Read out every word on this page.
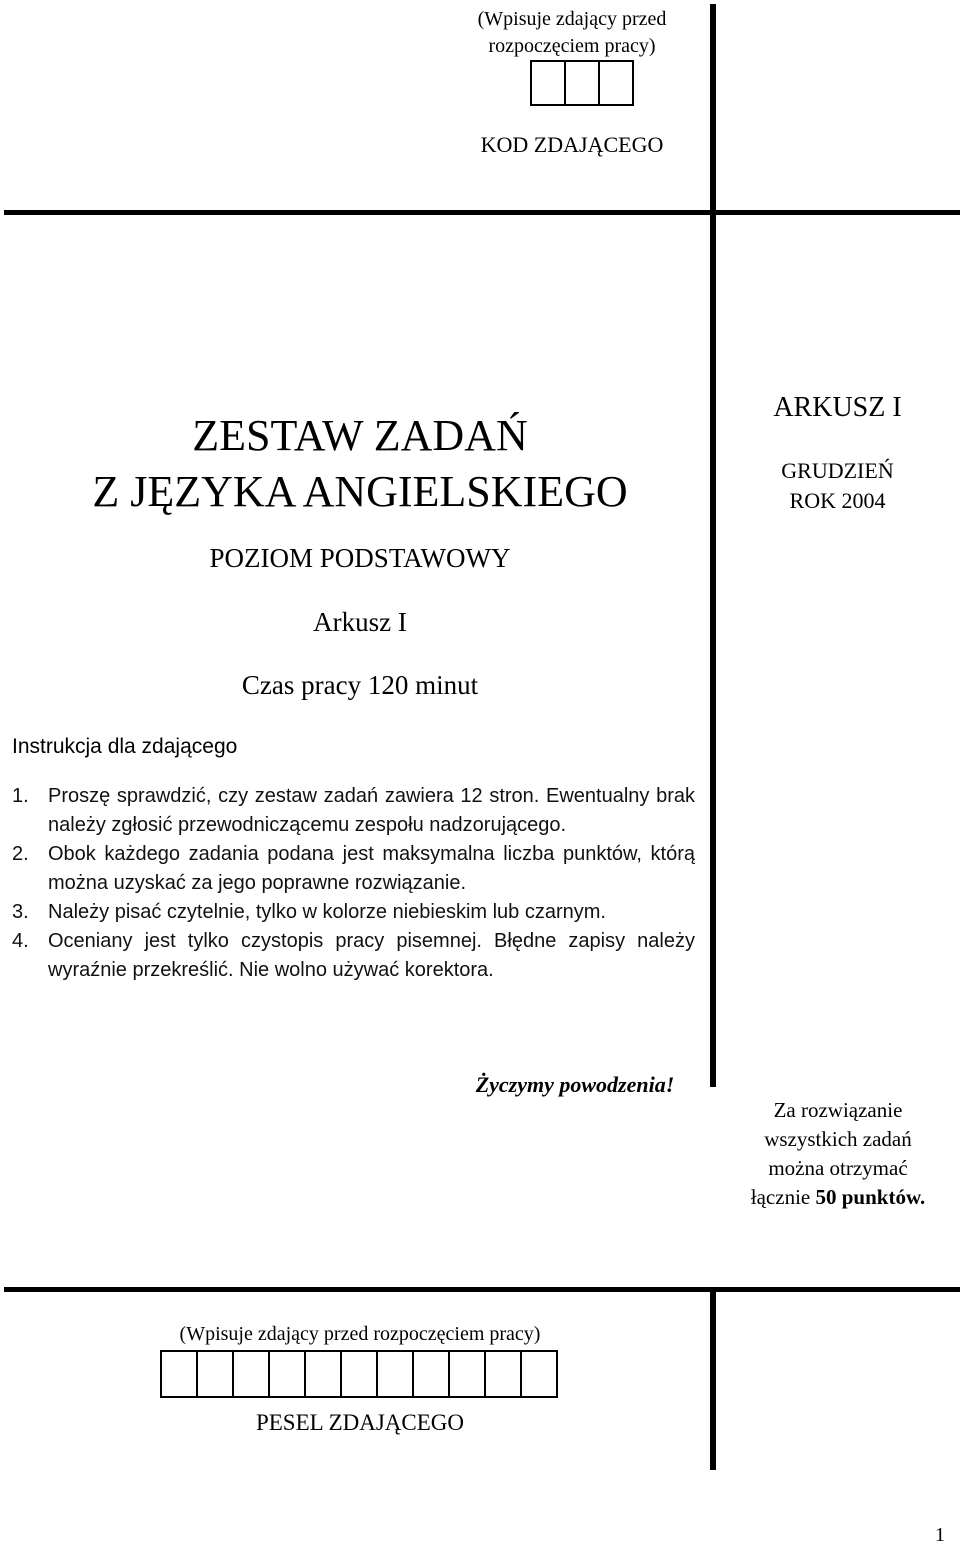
(Wpisuje zdający przed rozpoczęciem pracy)
KOD ZDAJĄCEGO
ZESTAW ZADAŃ
Z JĘZYKA ANGIELSKIEGO
ARKUSZ I
GRUDZIEŃ
ROK 2004
POZIOM PODSTAWOWY
Arkusz I
Czas pracy 120 minut
Instrukcja dla zdającego
1. Proszę sprawdzić, czy zestaw zadań zawiera 12 stron. Ewentualny brak należy zgłosić przewodniczącemu zespołu nadzorującego.
2. Obok każdego zadania podana jest maksymalna liczba punktów, którą można uzyskać za jego poprawne rozwiązanie.
3. Należy pisać czytelnie, tylko w kolorze niebieskim lub czarnym.
4. Oceniany jest tylko czystopis pracy pisemnej. Błędne zapisy należy wyraźnie przekreślić. Nie wolno używać korektora.
Życzymy powodzenia!
Za rozwiązanie
wszystkich zadań
można otrzymać
łącznie 50 punktów.
(Wpisuje zdający przed rozpoczęciem pracy)
PESEL ZDAJĄCEGO
1
